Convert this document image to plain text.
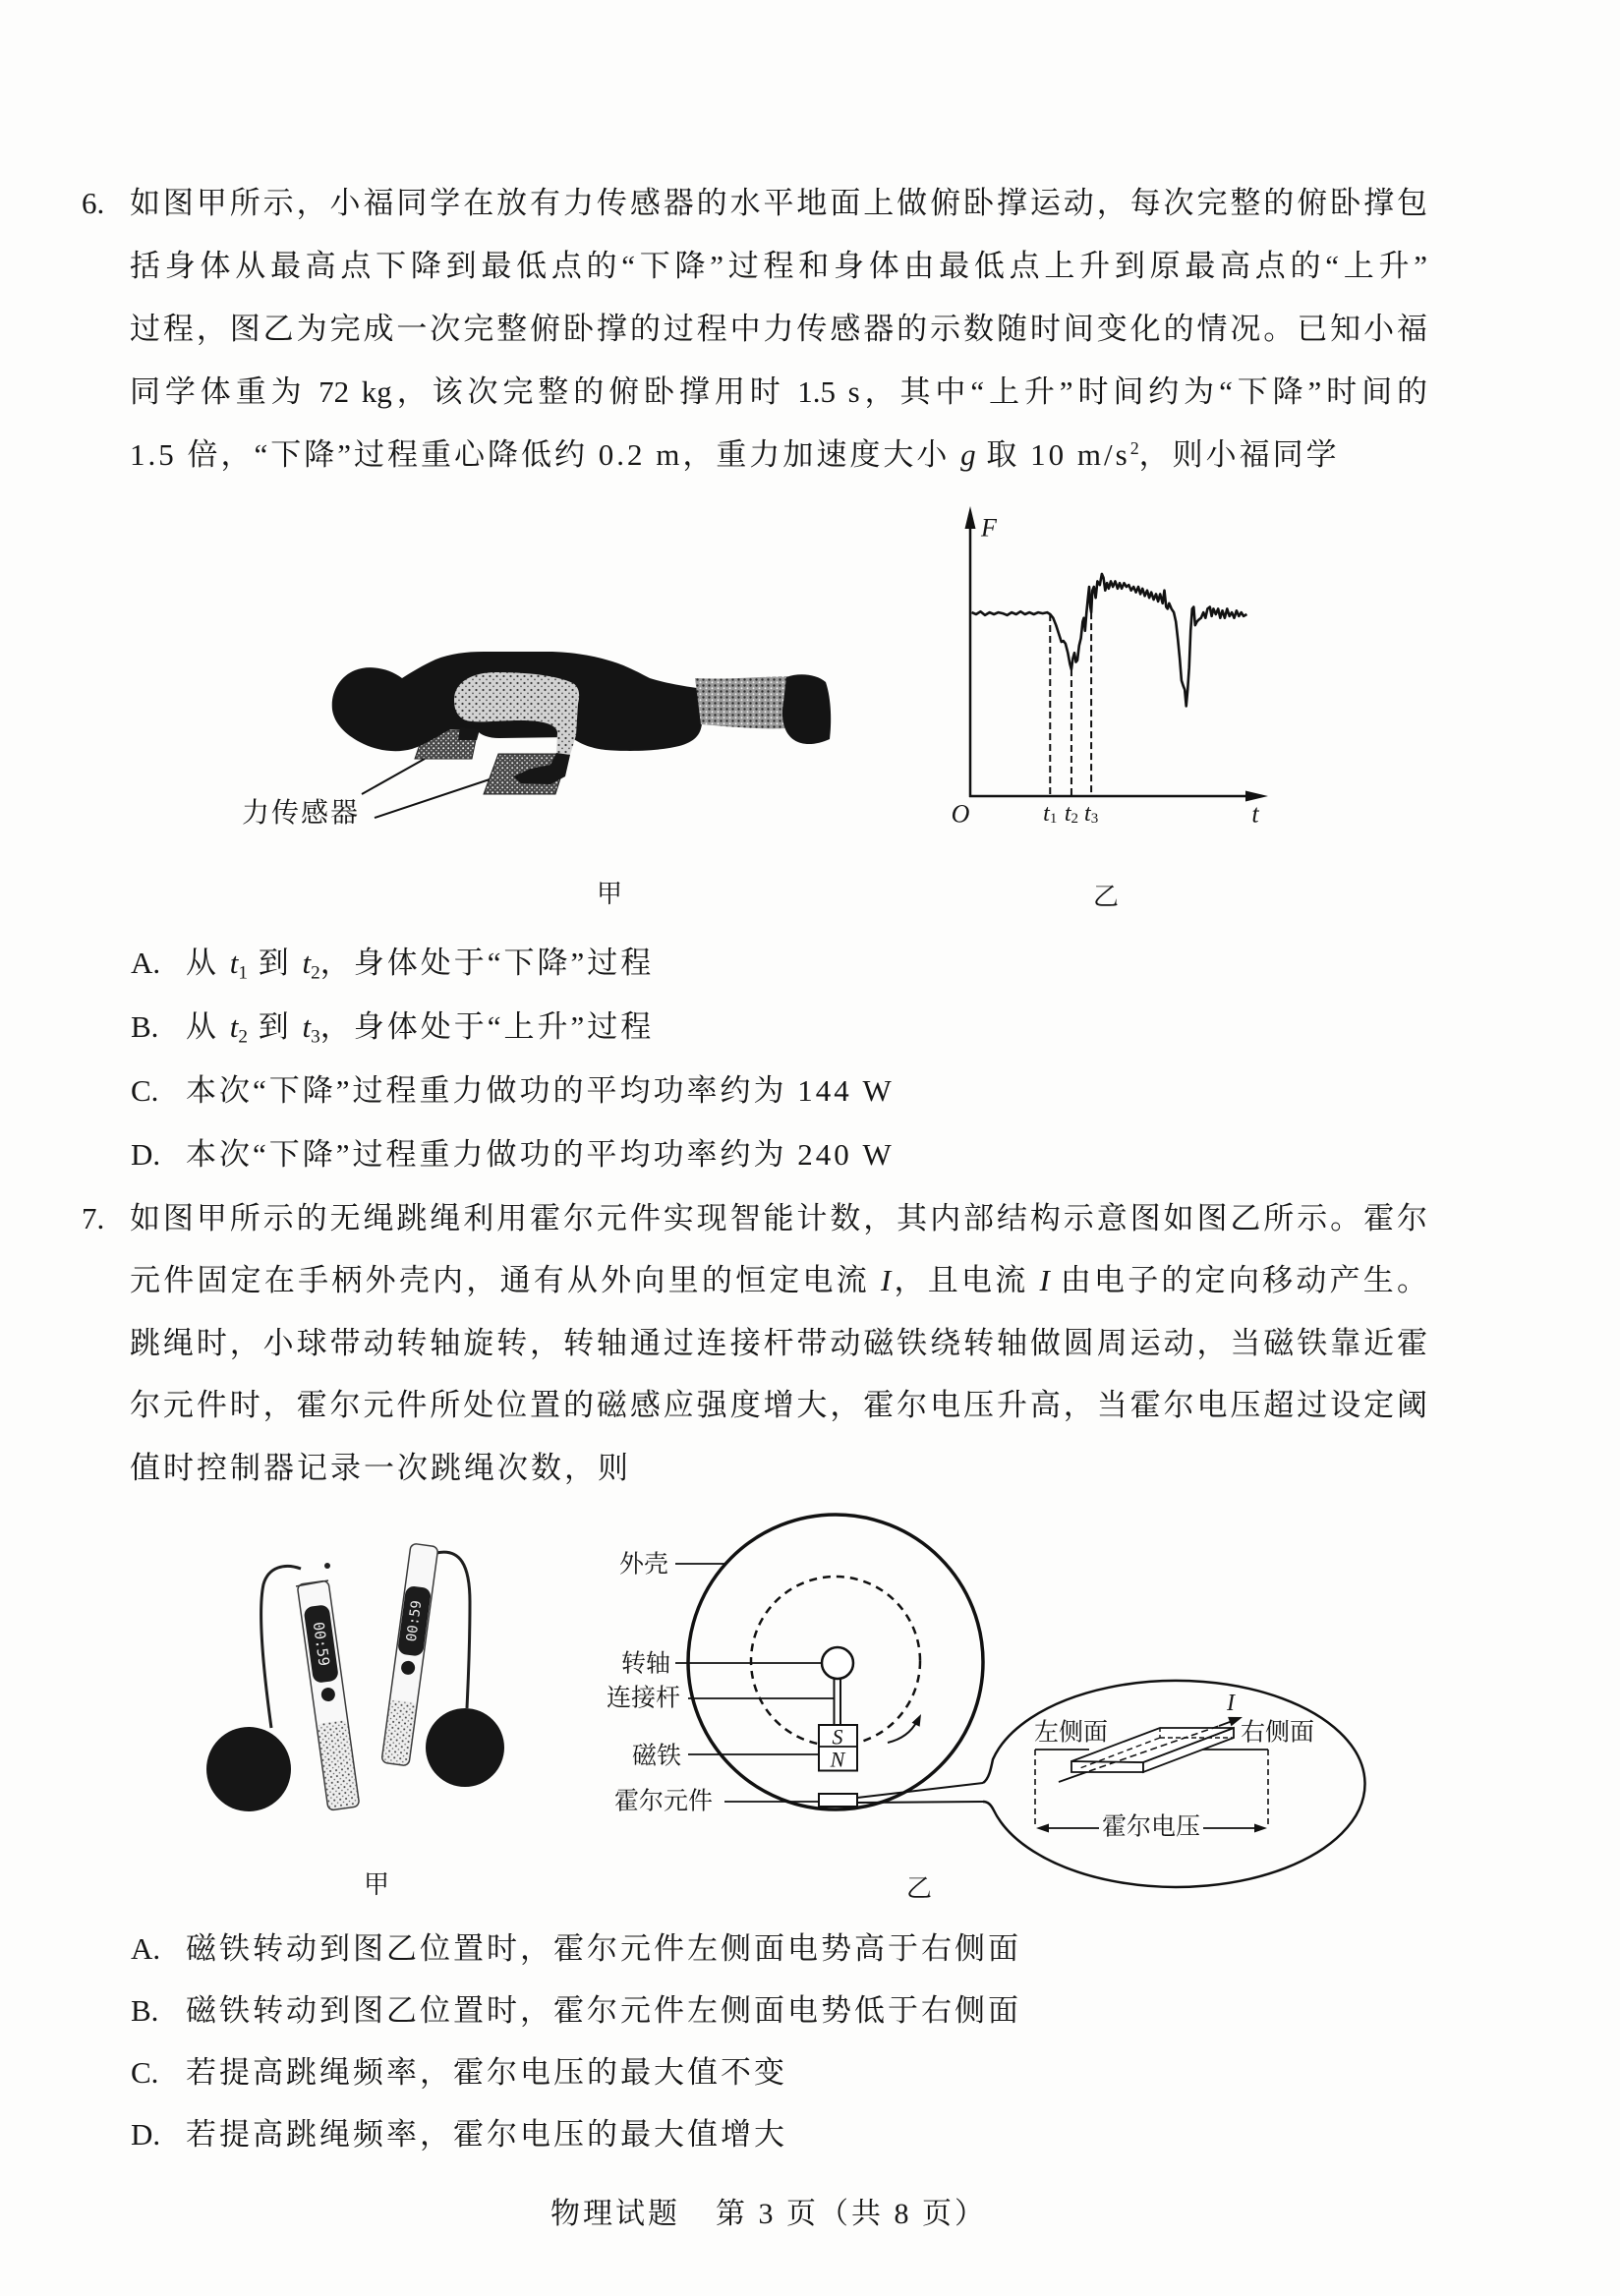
6. 如图甲所示，小福同学在放有力传感器的水平地面上做俯卧撑运动，每次完整的俯卧撑包
括身体从最高点下降到最低点的“下降”过程和身体由最低点上升到原最高点的“上升”
过程，图乙为完成一次完整俯卧撑的过程中力传感器的示数随时间变化的情况。已知小福
同学体重为 72 kg，该次完整的俯卧撑用时 1.5 s，其中“上升”时间约为“下降”时间的
1.5 倍，“下降”过程重心降低约 0.2 m，重力加速度大小 g 取 10 $m/s^2$，则小福同学
力传感器
甲
F
O	t
$t_1$ $t_2$ $t_3$
乙
A. 从 $t_1$ 到 $t_2$，身体处于“下降”过程
B. 从 $t_2$ 到 $t_3$，身体处于“上升”过程
C. 本次“下降”过程重力做功的平均功率约为 144 W
D. 本次“下降”过程重力做功的平均功率约为 240 W
7. 如图甲所示的无绳跳绳利用霍尔元件实现智能计数，其内部结构示意图如图乙所示。霍尔
元件固定在手柄外壳内，通有从外向里的恒定电流 I，且电流 I 由电子的定向移动产生。
跳绳时，小球带动转轴旋转，转轴通过连接杆带动磁铁绕转轴做圆周运动，当磁铁靠近霍
尔元件时，霍尔元件所处位置的磁感应强度增大，霍尔电压升高，当霍尔电压超过设定阈
值时控制器记录一次跳绳次数，则
00:59	00:59
甲
S
N
外壳
转轴
连接杆
磁铁
霍尔元件
I
左侧面	右侧面
霍尔电压
乙
A. 磁铁转动到图乙位置时，霍尔元件左侧面电势高于右侧面
B. 磁铁转动到图乙位置时，霍尔元件左侧面电势低于右侧面
C. 若提高跳绳频率，霍尔电压的最大值不变
D. 若提高跳绳频率，霍尔电压的最大值增大
物理试题 第 3 页（共 8 页）
